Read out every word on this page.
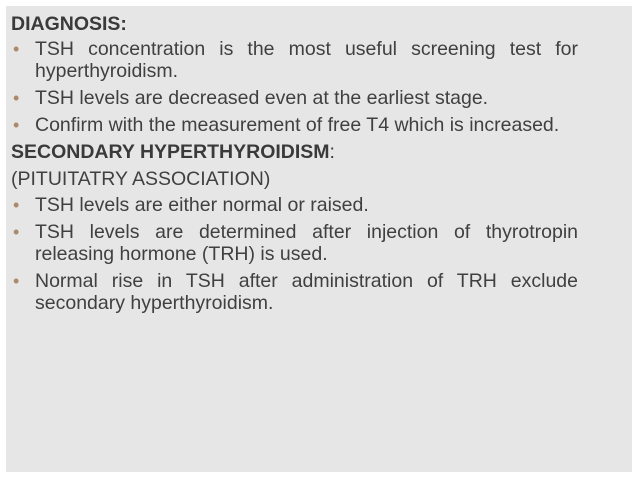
DIAGNOSIS:
• TSH concentration is the most useful screening test for hyperthyroidism.
• TSH levels are decreased even at the earliest stage.
• Confirm with the measurement of free T4 which is increased.
SECONDARY HYPERTHYROIDISM:
(PITUITATRY ASSOCIATION)
• TSH levels are either normal or raised.
• TSH levels are determined after injection of thyrotropin releasing hormone (TRH) is used.
• Normal rise in TSH after administration of TRH exclude secondary hyperthyroidism.
